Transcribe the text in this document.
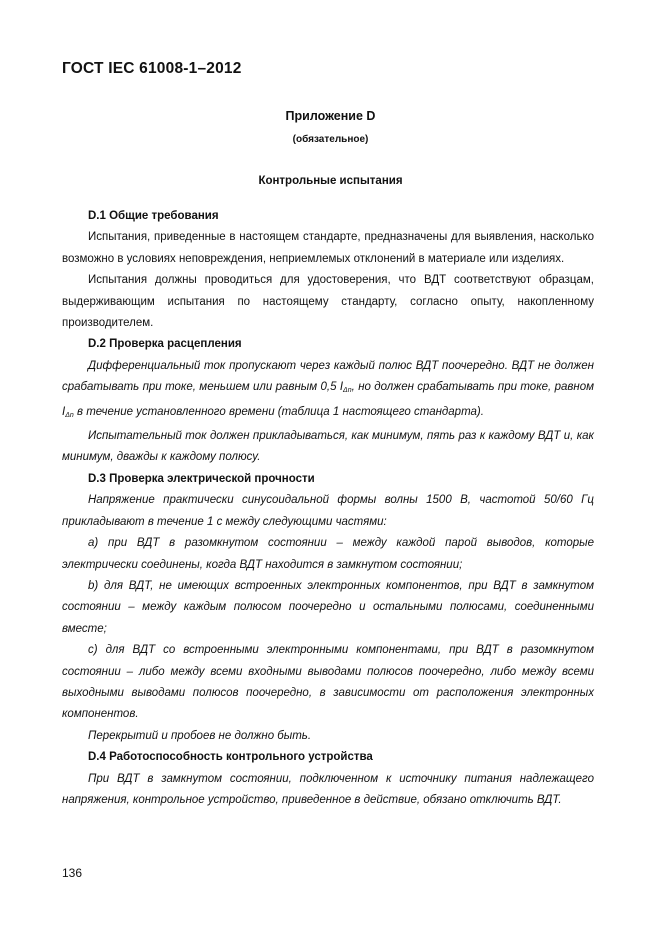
ГОСТ IEC 61008-1–2012
Приложение D
(обязательное)
Контрольные испытания

D.1 Общие требования

Испытания, приведенные в настоящем стандарте, предназначены для выявления, насколько возможно в условиях неповреждения, неприемлемых отклонений в материале или изделиях.

Испытания должны проводиться для удостоверения, что ВДТ соответствуют образцам, выдерживающим испытания по настоящему стандарту, согласно опыту, накопленному производителем.

D.2 Проверка расцепления

Дифференциальный ток пропускают через каждый полюс ВДТ поочередно. ВДТ не должен срабатывать при токе, меньшем или равным 0,5 $I_{\Delta n}$, но должен срабатывать при токе, равном $I_{\Delta n}$ в течение установленного времени (таблица 1 настоящего стандарта).

Испытательный ток должен прикладываться, как минимум, пять раз к каждому ВДТ и, как минимум, дважды к каждому полюсу.

D.3 Проверка электрической прочности

Напряжение практически синусоидальной формы волны 1500 В, частотой 50/60 Гц прикладывают в течение 1 с между следующими частями:

a) при ВДТ в разомкнутом состоянии – между каждой парой выводов, которые электрически соединены, когда ВДТ находится в замкнутом состоянии;

b) для ВДТ, не имеющих встроенных электронных компонентов, при ВДТ в замкнутом состоянии – между каждым полюсом поочередно и остальными полюсами, соединенными вместе;

c) для ВДТ со встроенными электронными компонентами, при ВДТ в разомкнутом состоянии – либо между всеми входными выводами полюсов поочередно, либо между всеми выходными выводами полюсов поочередно, в зависимости от расположения электронных компонентов.

Перекрытий и пробоев не должно быть.

D.4 Работоспособность контрольного устройства

При ВДТ в замкнутом состоянии, подключенном к источнику питания надлежащего напряжения, контрольное устройство, приведенное в действие, обязано отключить ВДТ.

136
